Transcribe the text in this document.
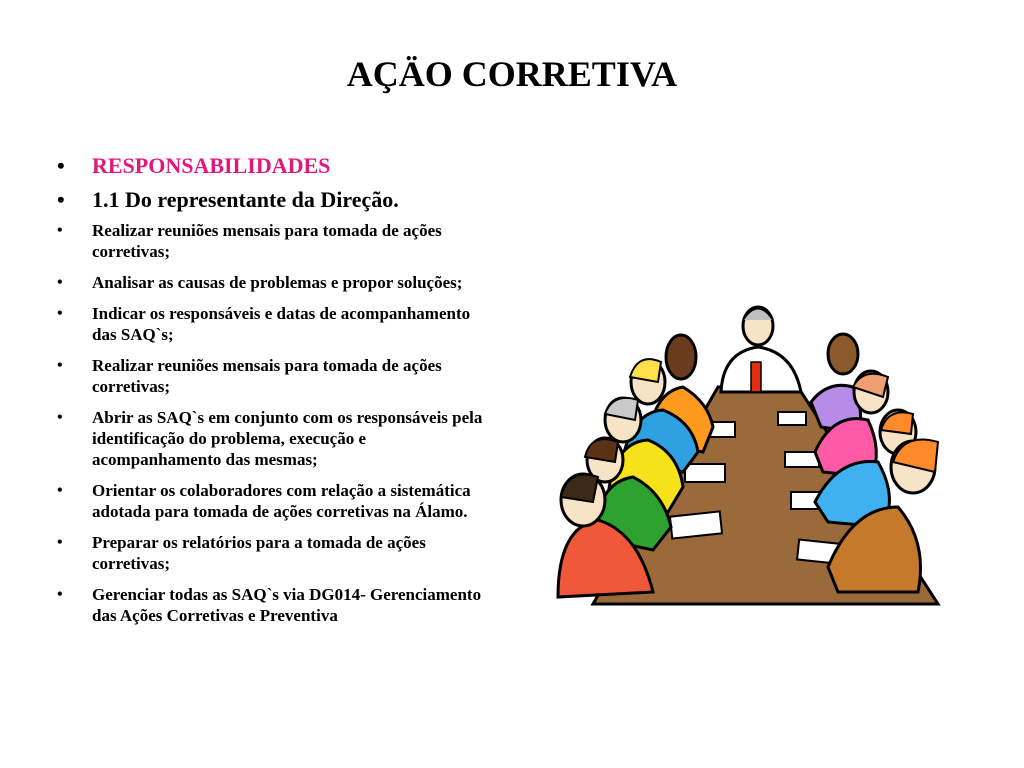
AÇÄO CORRETIVA
• RESPONSABILIDADES
• 1.1 Do representante da Direção.
• Realizar reuniões mensais para tomada de ações corretivas;
• Analisar as causas de problemas e propor soluções;
• Indicar os responsáveis e datas de acompanhamento das SAQ`s;
• Realizar reuniões mensais para tomada de ações corretivas;
• Abrir as SAQ`s em conjunto com os responsáveis pela identificação do problema, execução e acompanhamento das mesmas;
• Orientar os colaboradores com relação a sistemática adotada para tomada de ações corretivas na Álamo.
• Preparar os relatórios para a tomada de ações corretivas;
• Gerenciar todas as SAQ`s via DG014- Gerenciamento das Ações Corretivas e Preventiva
